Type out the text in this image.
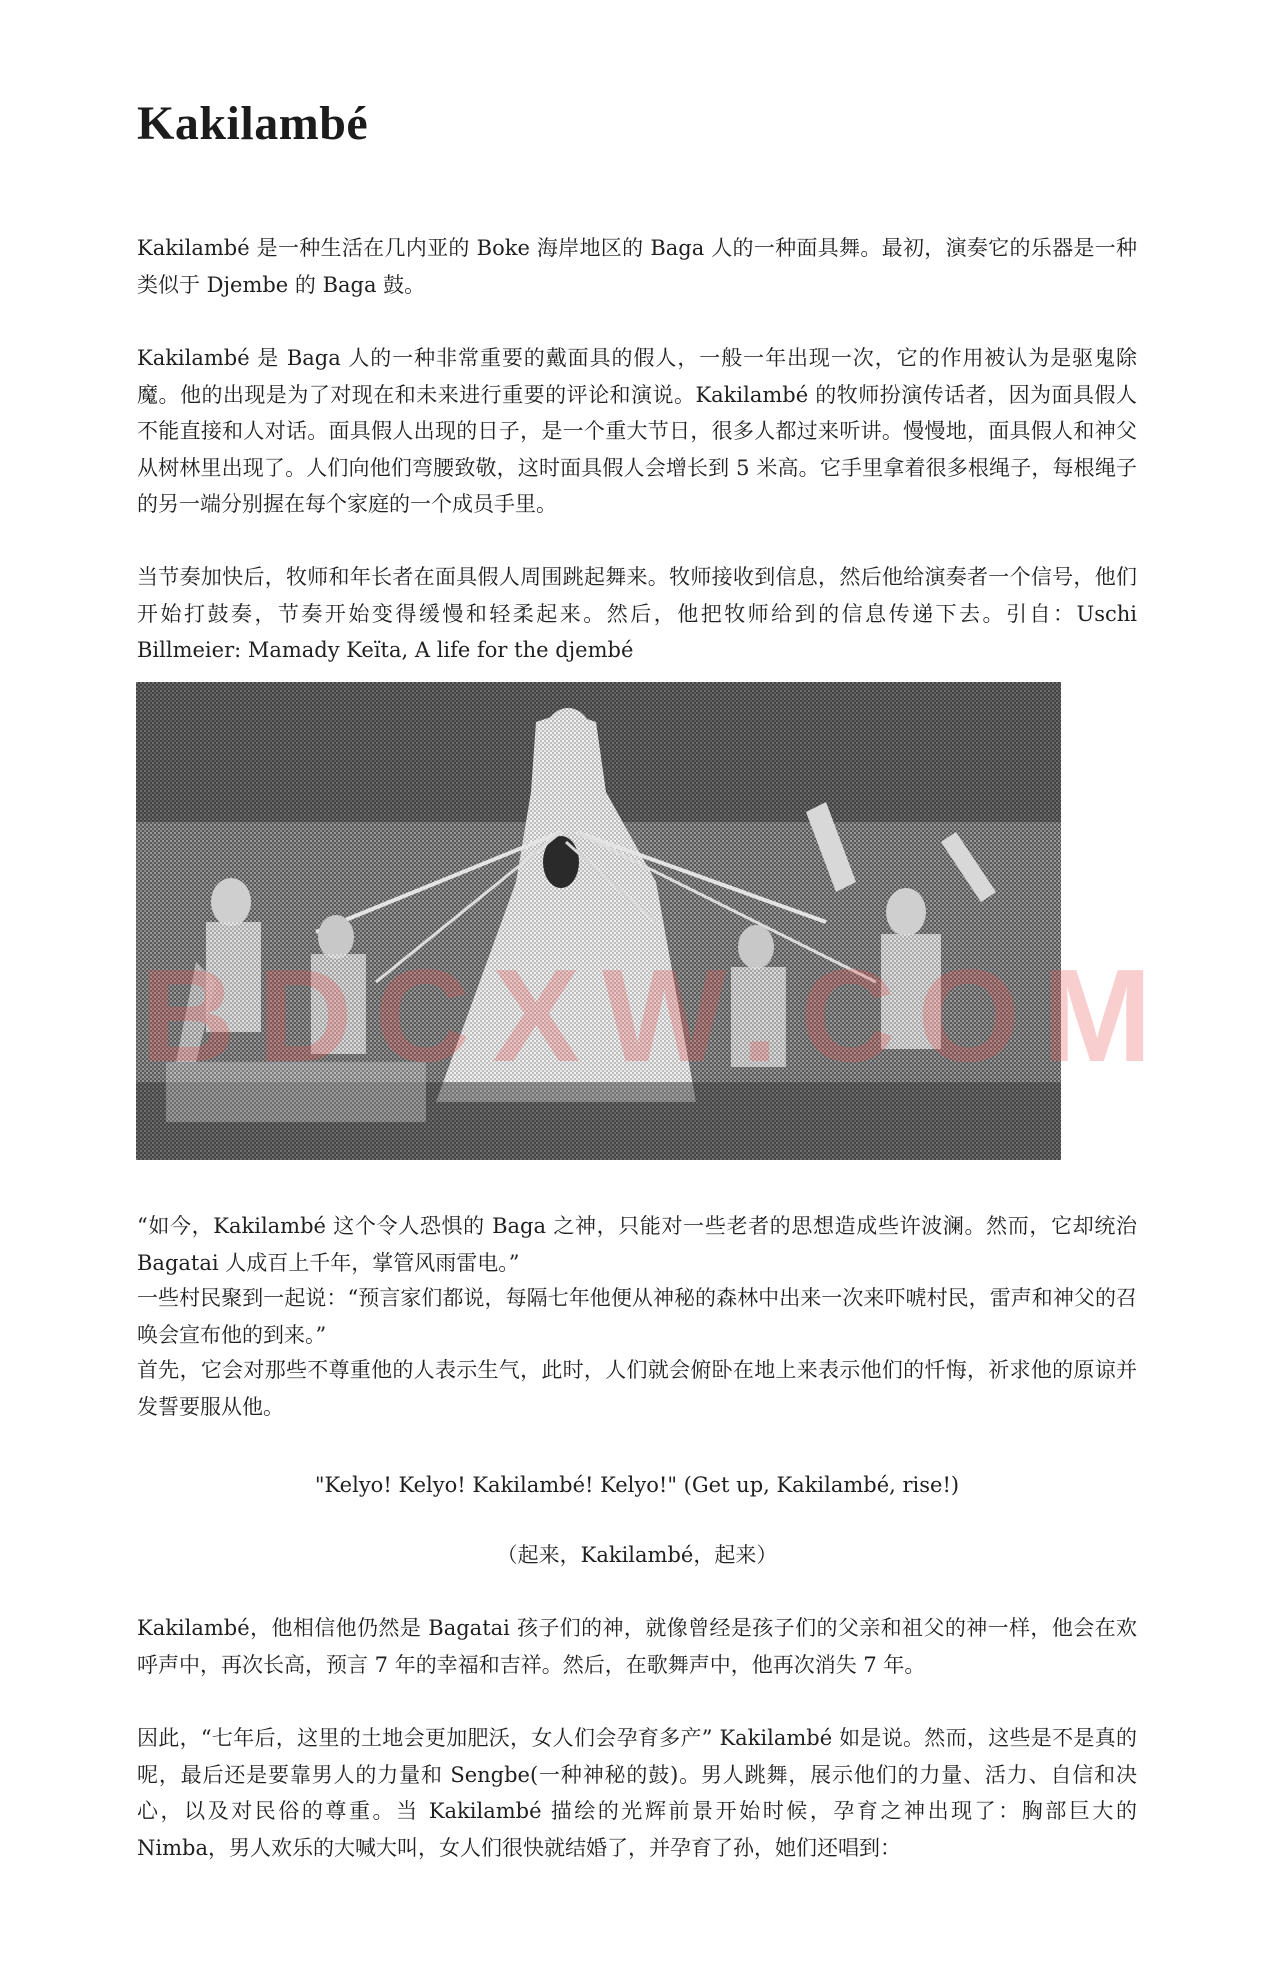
Kakilambé

Kakilambé 是一种生活在几内亚的 Boke 海岸地区的 Baga 人的一种面具舞。最初，演奏它的乐器是一种类似于 Djembe 的 Baga 鼓。

Kakilambé 是 Baga 人的一种非常重要的戴面具的假人，一般一年出现一次，它的作用被认为是驱鬼除魔。他的出现是为了对现在和未来进行重要的评论和演说。Kakilambé 的牧师扮演传话者，因为面具假人不能直接和人对话。面具假人出现的日子，是一个重大节日，很多人都过来听讲。慢慢地，面具假人和神父从树林里出现了。人们向他们弯腰致敬，这时面具假人会增长到 5 米高。它手里拿着很多根绳子，每根绳子的另一端分别握在每个家庭的一个成员手里。

当节奏加快后，牧师和年长者在面具假人周围跳起舞来。牧师接收到信息，然后他给演奏者一个信号，他们开始打鼓奏，节奏开始变得缓慢和轻柔起来。然后，他把牧师给到的信息传递下去。引自：Uschi Billmeier: Mamady Keïta, A life for the djembé

BDCXW.COM

“如今，Kakilambé 这个令人恐惧的 Baga 之神，只能对一些老者的思想造成些许波澜。然而，它却统治 Bagatai 人成百上千年，掌管风雨雷电。”

一些村民聚到一起说：“预言家们都说，每隔七年他便从神秘的森林中出来一次来吓唬村民，雷声和神父的召唤会宣布他的到来。”

首先，它会对那些不尊重他的人表示生气，此时，人们就会俯卧在地上来表示他们的忏悔，祈求他的原谅并发誓要服从他。

"Kelyo! Kelyo! Kakilambé! Kelyo!" (Get up, Kakilambé, rise!)
（起来，Kakilambé，起来）

Kakilambé，他相信他仍然是 Bagatai 孩子们的神，就像曾经是孩子们的父亲和祖父的神一样，他会在欢呼声中，再次长高，预言 7 年的幸福和吉祥。然后，在歌舞声中，他再次消失 7 年。

因此，“七年后，这里的土地会更加肥沃，女人们会孕育多产” Kakilambé 如是说。然而，这些是不是真的呢，最后还是要靠男人的力量和 Sengbe(一种神秘的鼓)。男人跳舞，展示他们的力量、活力、自信和决心，以及对民俗的尊重。当 Kakilambé 描绘的光辉前景开始时候，孕育之神出现了：胸部巨大的 Nimba，男人欢乐的大喊大叫，女人们很快就结婚了，并孕育了孙，她们还唱到：
